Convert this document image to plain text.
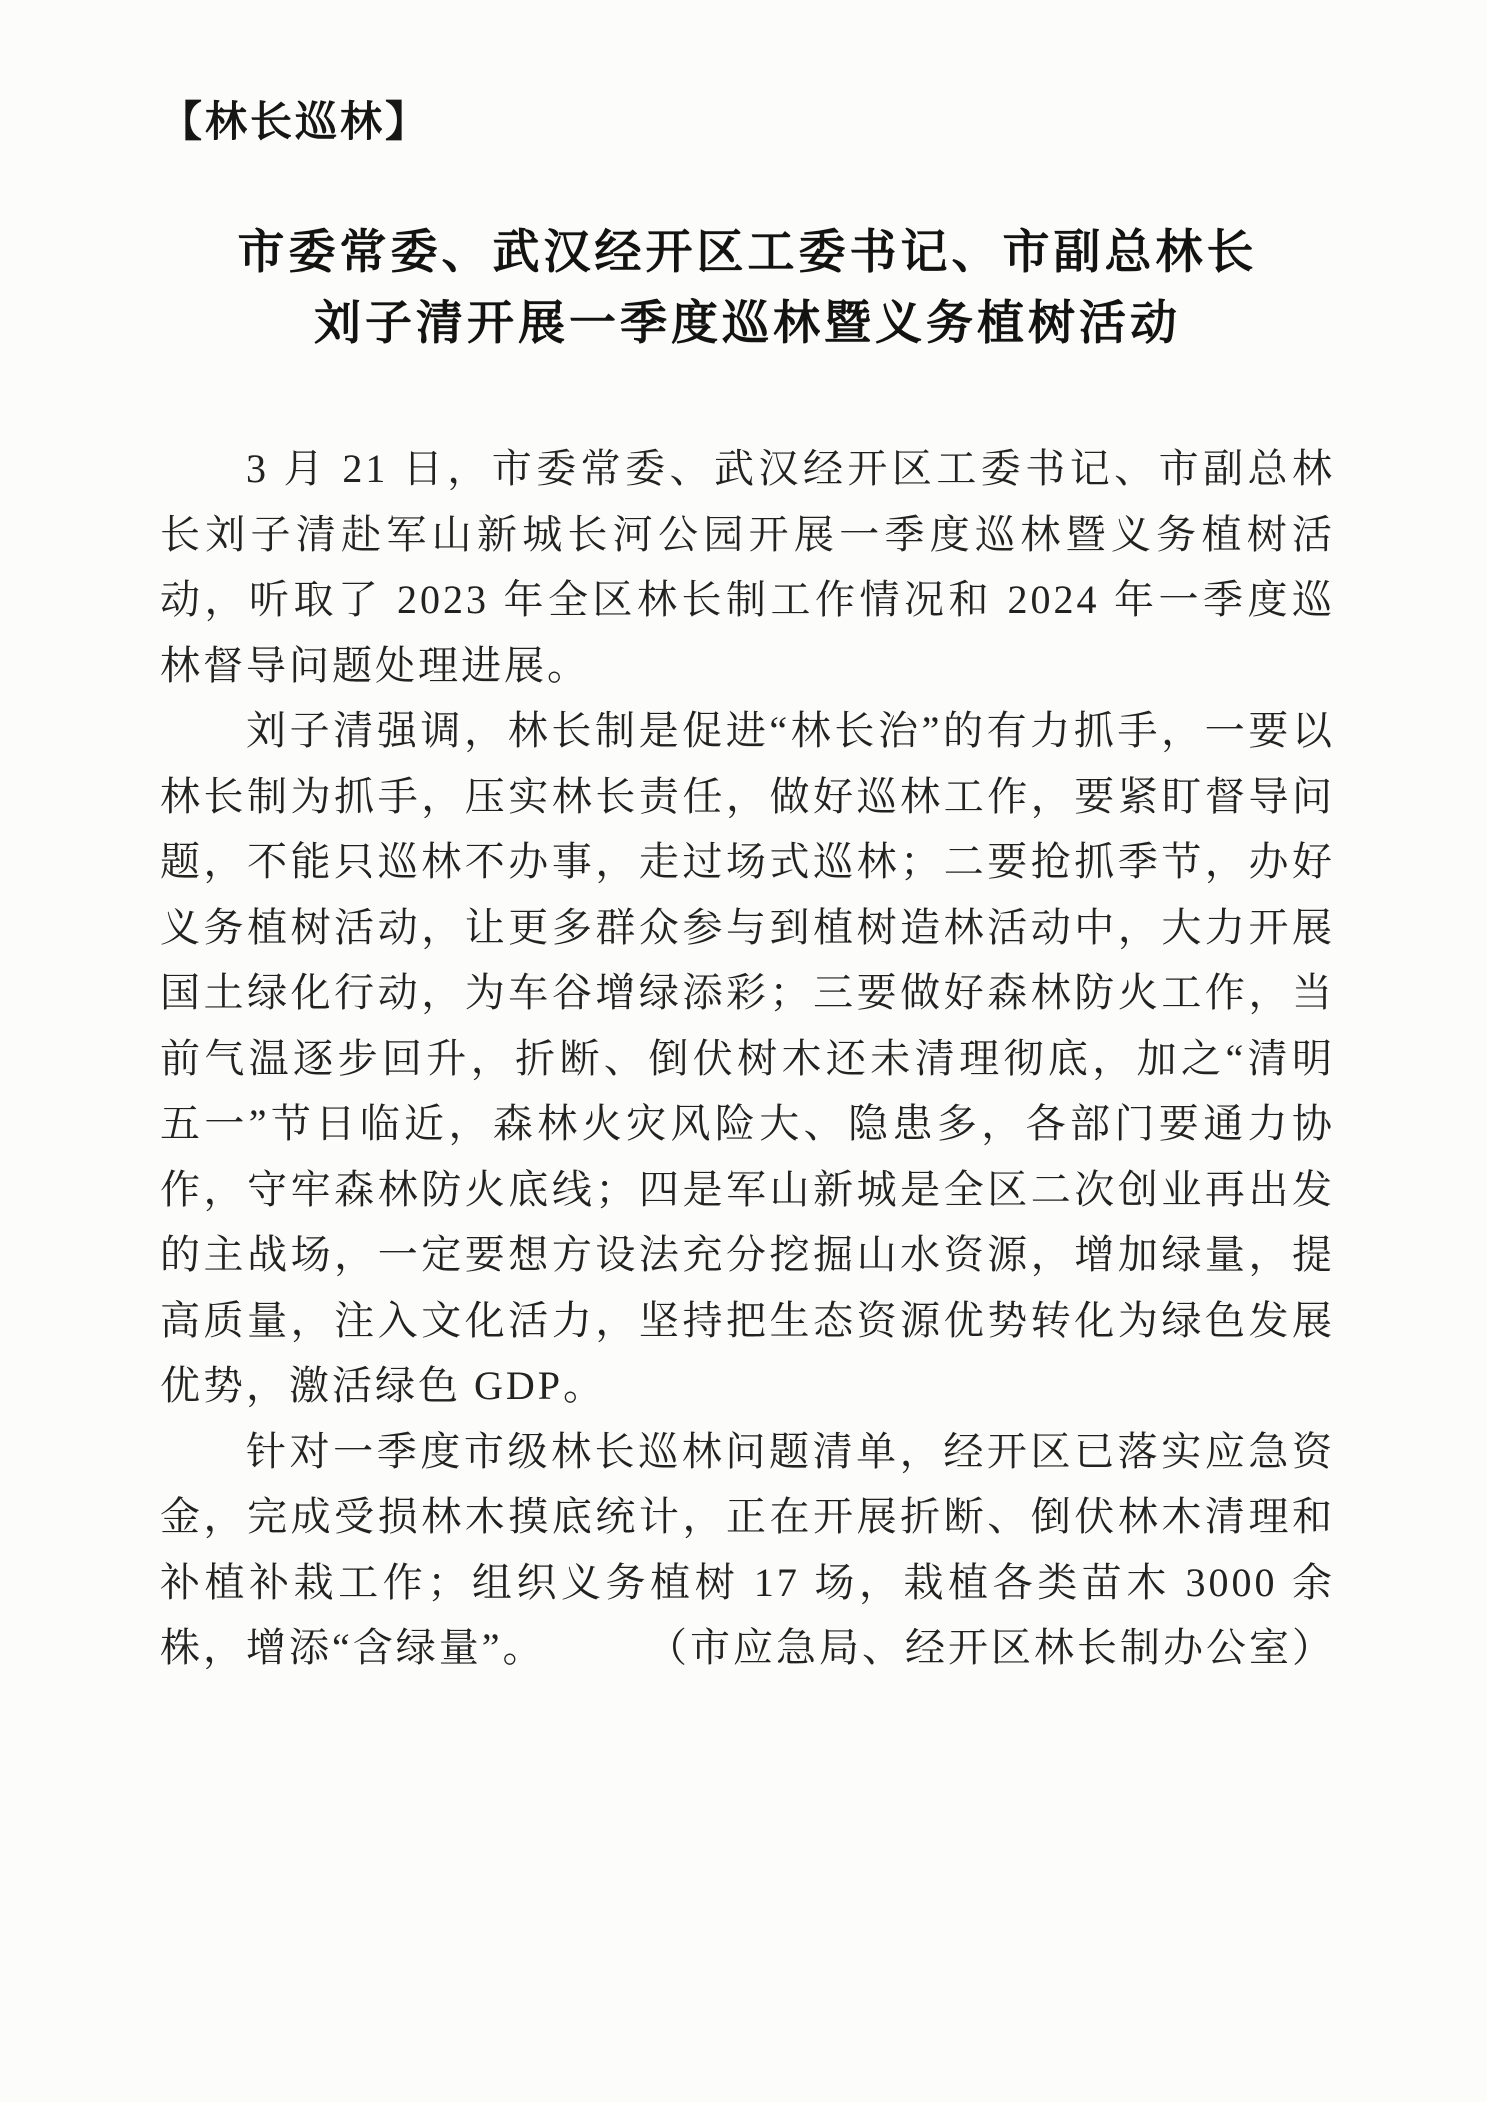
【林长巡林】
市委常委、武汉经开区工委书记、市副总林长
刘子清开展一季度巡林暨义务植树活动

3 月 21 日，市委常委、武汉经开区工委书记、市副总林长刘子清赴军山新城长河公园开展一季度巡林暨义务植树活动，听取了 2023 年全区林长制工作情况和 2024 年一季度巡林督导问题处理进展。

刘子清强调，林长制是促进“林长治”的有力抓手，一要以林长制为抓手，压实林长责任，做好巡林工作，要紧盯督导问题，不能只巡林不办事，走过场式巡林；二要抢抓季节，办好义务植树活动，让更多群众参与到植树造林活动中，大力开展国土绿化行动，为车谷增绿添彩；三要做好森林防火工作，当前气温逐步回升，折断、倒伏树木还未清理彻底，加之“清明五一”节日临近，森林火灾风险大、隐患多，各部门要通力协作，守牢森林防火底线；四是军山新城是全区二次创业再出发的主战场，一定要想方设法充分挖掘山水资源，增加绿量，提高质量，注入文化活力，坚持把生态资源优势转化为绿色发展优势，激活绿色 GDP。

针对一季度市级林长巡林问题清单，经开区已落实应急资金，完成受损林木摸底统计，正在开展折断、倒伏林木清理和补植补栽工作；组织义务植树 17 场，栽植各类苗木 3000 余株，增添“含绿量”。	（市应急局、经开区林长制办公室）
